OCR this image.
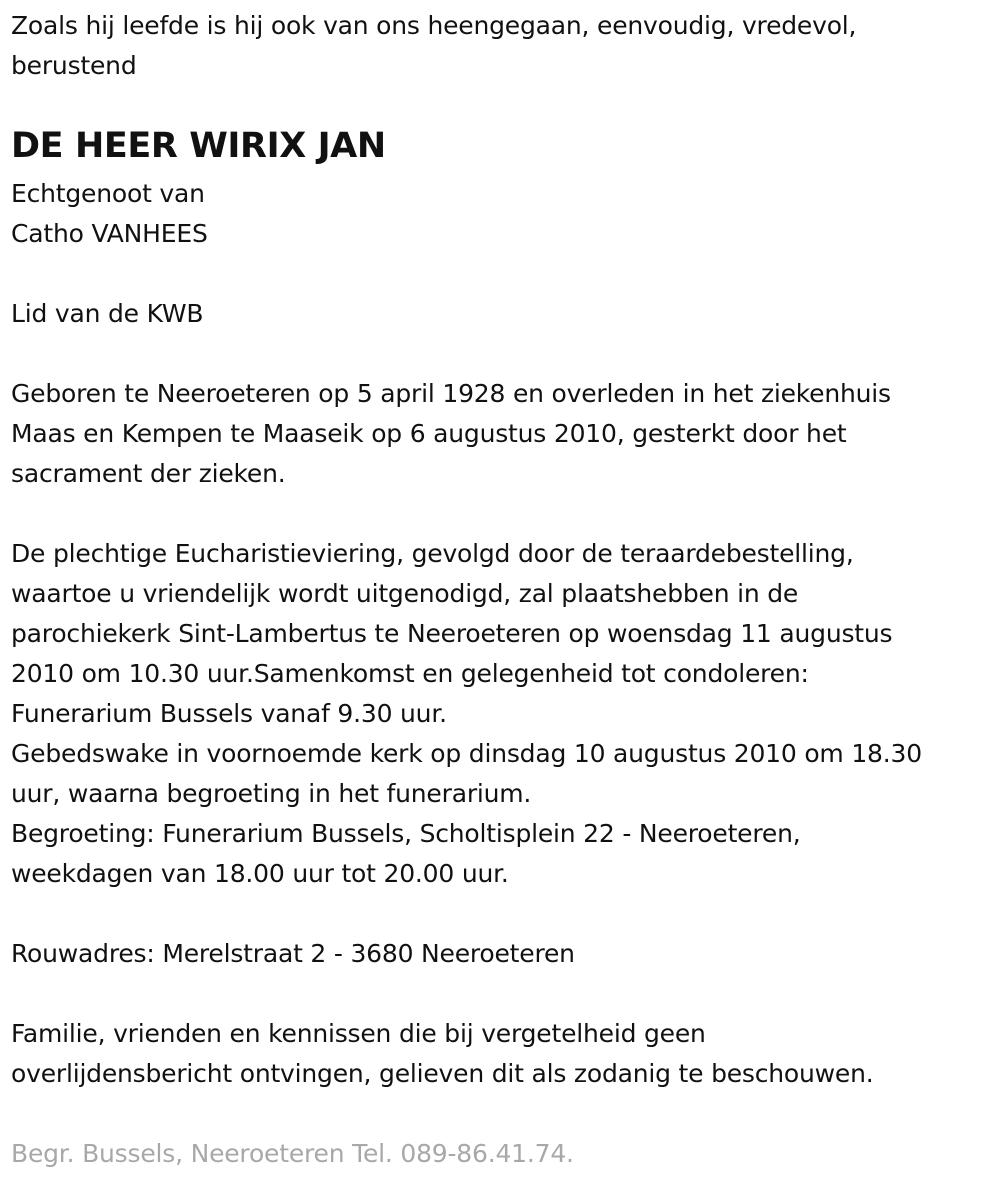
Zoals hij leefde is hij ook van ons heengegaan, eenvoudig, vredevol,
berustend
DE HEER WIRIX JAN
Echtgenoot van
Catho VANHEES
Lid van de KWB
Geboren te Neeroeteren op 5 april 1928 en overleden in het ziekenhuis
Maas en Kempen te Maaseik op 6 augustus 2010, gesterkt door het
sacrament der zieken.
De plechtige Eucharistieviering, gevolgd door de teraardebestelling,
waartoe u vriendelijk wordt uitgenodigd, zal plaatshebben in de
parochiekerk Sint-Lambertus te Neeroeteren op woensdag 11 augustus
2010 om 10.30 uur.Samenkomst en gelegenheid tot condoleren:
Funerarium Bussels vanaf 9.30 uur.
Gebedswake in voornoemde kerk op dinsdag 10 augustus 2010 om 18.30
uur, waarna begroeting in het funerarium.
Begroeting: Funerarium Bussels, Scholtisplein 22 - Neeroeteren,
weekdagen van 18.00 uur tot 20.00 uur.
Rouwadres: Merelstraat 2 - 3680 Neeroeteren
Familie, vrienden en kennissen die bij vergetelheid geen
overlijdensbericht ontvingen, gelieven dit als zodanig te beschouwen.
Begr. Bussels, Neeroeteren Tel. 089-86.41.74.
